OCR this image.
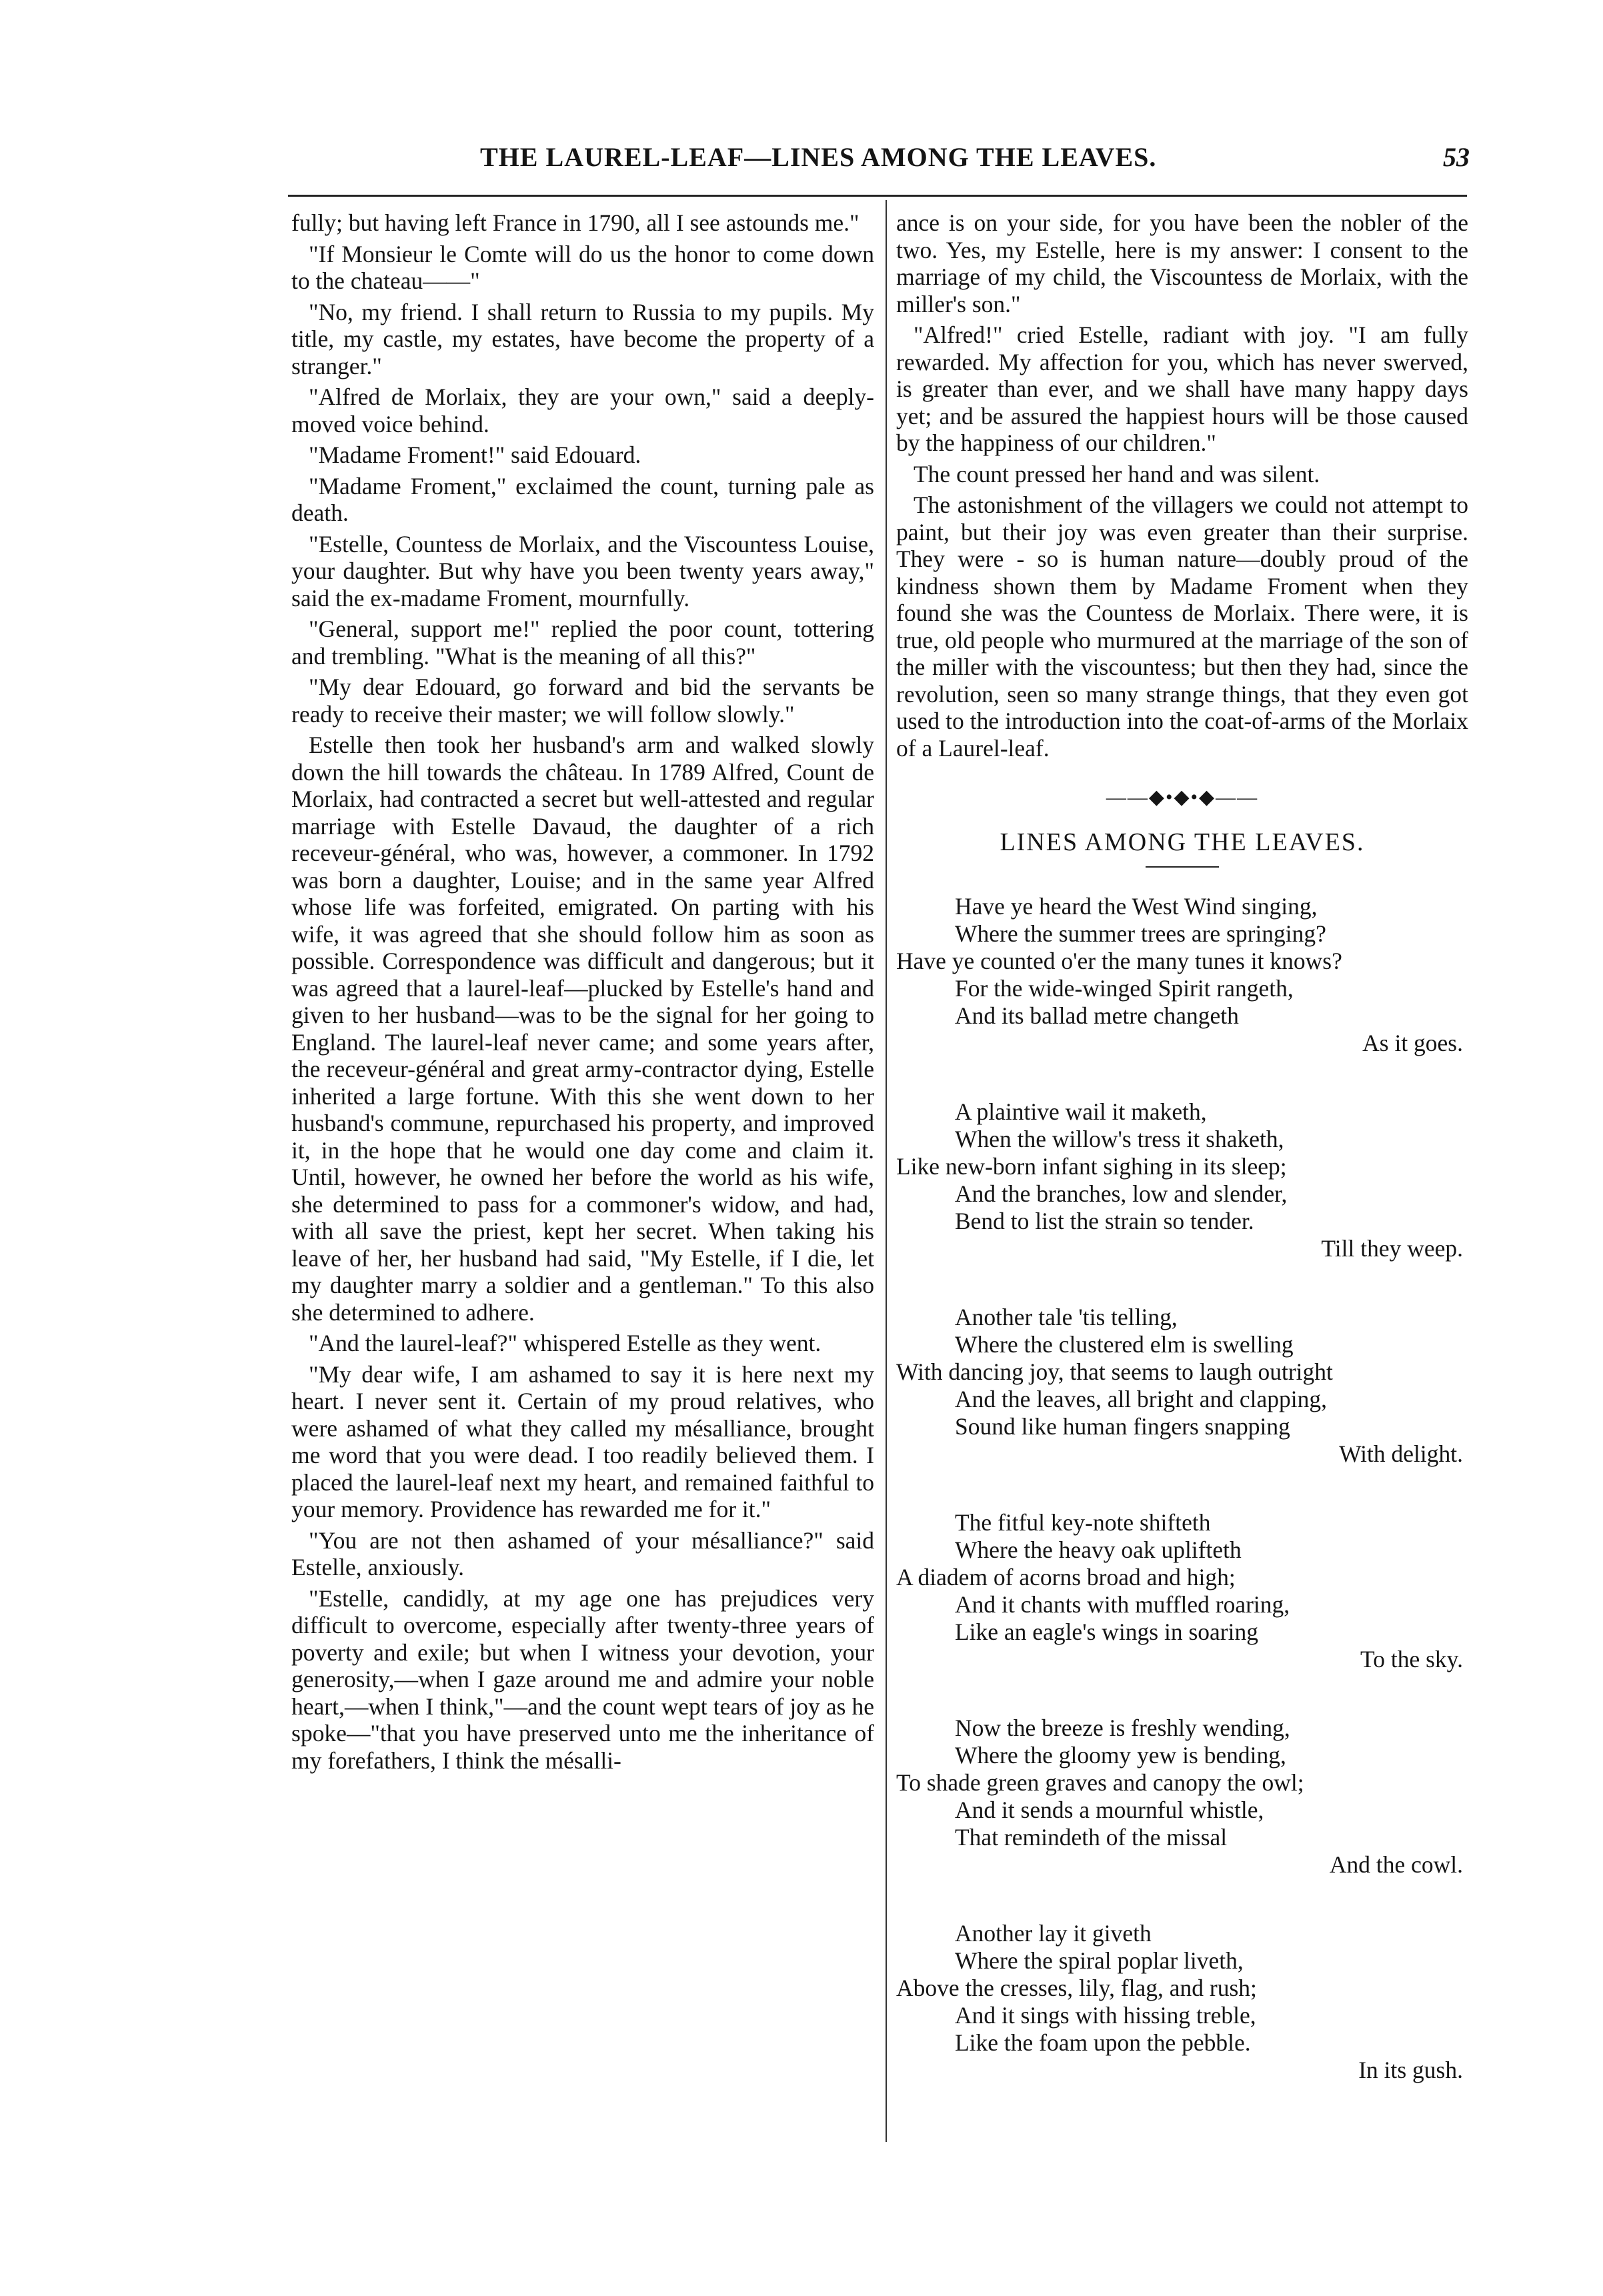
THE LAUREL-LEAF—LINES AMONG THE LEAVES.	53

fully; but having left France in 1790, all I see astounds me."

"If Monsieur le Comte will do us the honor to come down to the chateau——"

"No, my friend. I shall return to Russia to my pupils. My title, my castle, my estates, have become the property of a stranger."

"Alfred de Morlaix, they are your own," said a deeply-moved voice behind.

"Madame Froment!" said Edouard.

"Madame Froment," exclaimed the count, turning pale as death.

"Estelle, Countess de Morlaix, and the Viscountess Louise, your daughter. But why have you been twenty years away," said the ex-madame Froment, mournfully.

"General, support me!" replied the poor count, tottering and trembling. "What is the meaning of all this?"

"My dear Edouard, go forward and bid the servants be ready to receive their master; we will follow slowly."

Estelle then took her husband's arm and walked slowly down the hill towards the château. In 1789 Alfred, Count de Morlaix, had contracted a secret but well-attested and regular marriage with Estelle Davaud, the daughter of a rich receveur-général, who was, however, a commoner. In 1792 was born a daughter, Louise; and in the same year Alfred whose life was forfeited, emigrated. On parting with his wife, it was agreed that she should follow him as soon as possible. Correspondence was difficult and dangerous; but it was agreed that a laurel-leaf—plucked by Estelle's hand and given to her husband—was to be the signal for her going to England. The laurel-leaf never came; and some years after, the receveur-général and great army-contractor dying, Estelle inherited a large fortune. With this she went down to her husband's commune, repurchased his property, and improved it, in the hope that he would one day come and claim it. Until, however, he owned her before the world as his wife, she determined to pass for a commoner's widow, and had, with all save the priest, kept her secret. When taking his leave of her, her husband had said, "My Estelle, if I die, let my daughter marry a soldier and a gentleman." To this also she determined to adhere.

"And the laurel-leaf?" whispered Estelle as they went.

"My dear wife, I am ashamed to say it is here next my heart. I never sent it. Certain of my proud relatives, who were ashamed of what they called my mésalliance, brought me word that you were dead. I too readily believed them. I placed the laurel-leaf next my heart, and remained faithful to your memory. Providence has rewarded me for it."

"You are not then ashamed of your mésalliance?" said Estelle, anxiously.

"Estelle, candidly, at my age one has prejudices very difficult to overcome, especially after twenty-three years of poverty and exile; but when I witness your devotion, your generosity,—when I gaze around me and admire your noble heart,—when I think,"—and the count wept tears of joy as he spoke—"that you have preserved unto me the inheritance of my forefathers, I think the mésalli-

ance is on your side, for you have been the nobler of the two. Yes, my Estelle, here is my answer: I consent to the marriage of my child, the Viscountess de Morlaix, with the miller's son."

"Alfred!" cried Estelle, radiant with joy. "I am fully rewarded. My affection for you, which has never swerved, is greater than ever, and we shall have many happy days yet; and be assured the happiest hours will be those caused by the happiness of our children."

The count pressed her hand and was silent.

The astonishment of the villagers we could not attempt to paint, but their joy was even greater than their surprise. They were - so is human nature—doubly proud of the kindness shown them by Madame Froment when they found she was the Countess de Morlaix. There were, it is true, old people who murmured at the marriage of the son of the miller with the viscountess; but then they had, since the revolution, seen so many strange things, that they even got used to the introduction into the coat-of-arms of the Morlaix of a Laurel-leaf.

——◆•◆•◆——
LINES AMONG THE LEAVES.
Have ye heard the West Wind singing,
Where the summer trees are springing?
Have ye counted o'er the many tunes it knows?
For the wide-winged Spirit rangeth,
And its ballad metre changeth
As it goes.
A plaintive wail it maketh,
When the willow's tress it shaketh,
Like new-born infant sighing in its sleep;
And the branches, low and slender,
Bend to list the strain so tender.
Till they weep.
Another tale 'tis telling,
Where the clustered elm is swelling
With dancing joy, that seems to laugh outright
And the leaves, all bright and clapping,
Sound like human fingers snapping
With delight.
The fitful key-note shifteth
Where the heavy oak uplifteth
A diadem of acorns broad and high;
And it chants with muffled roaring,
Like an eagle's wings in soaring
To the sky.
Now the breeze is freshly wending,
Where the gloomy yew is bending,
To shade green graves and canopy the owl;
And it sends a mournful whistle,
That remindeth of the missal
And the cowl.
Another lay it giveth
Where the spiral poplar liveth,
Above the cresses, lily, flag, and rush;
And it sings with hissing treble,
Like the foam upon the pebble.
In its gush.
